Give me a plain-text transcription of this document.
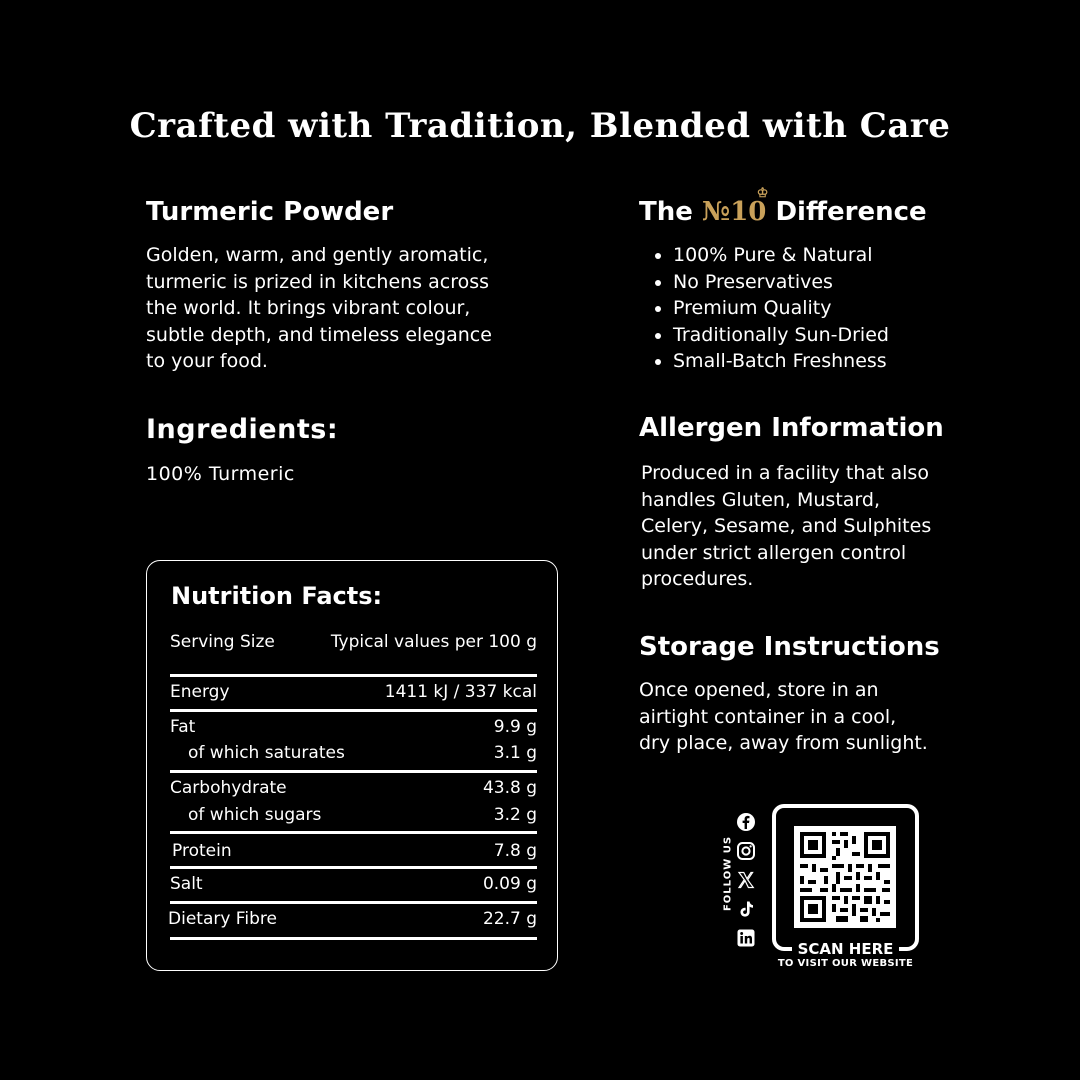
Crafted with Tradition, Blended with Care
Turmeric Powder
Golden, warm, and gently aromatic,
turmeric is prized in kitchens across
the world. It brings vibrant colour,
subtle depth, and timeless elegance
to your food.
Ingredients:
100% Turmeric
The №10
♔
Difference
• 100% Pure & Natural
• No Preservatives
• Premium Quality
• Traditionally Sun-Dried
• Small-Batch Freshness
Allergen Information
Produced in a facility that also
handles Gluten, Mustard,
Celery, Sesame, and Sulphites
under strict allergen control
procedures.
Storage Instructions
Once opened, store in an
airtight container in a cool,
dry place, away from sunlight.
Nutrition Facts:
Serving Size	Typical values per 100 g
Energy	1411 kJ / 337 kcal
Fat	9.9 g
of which saturates	3.1 g
Carbohydrate	43.8 g
of which sugars	3.2 g
Protein	7.8 g
Salt	0.09 g
Dietary Fibre	22.7 g
FOLLOW US
SCAN HERE
TO VISIT OUR WEBSITE
